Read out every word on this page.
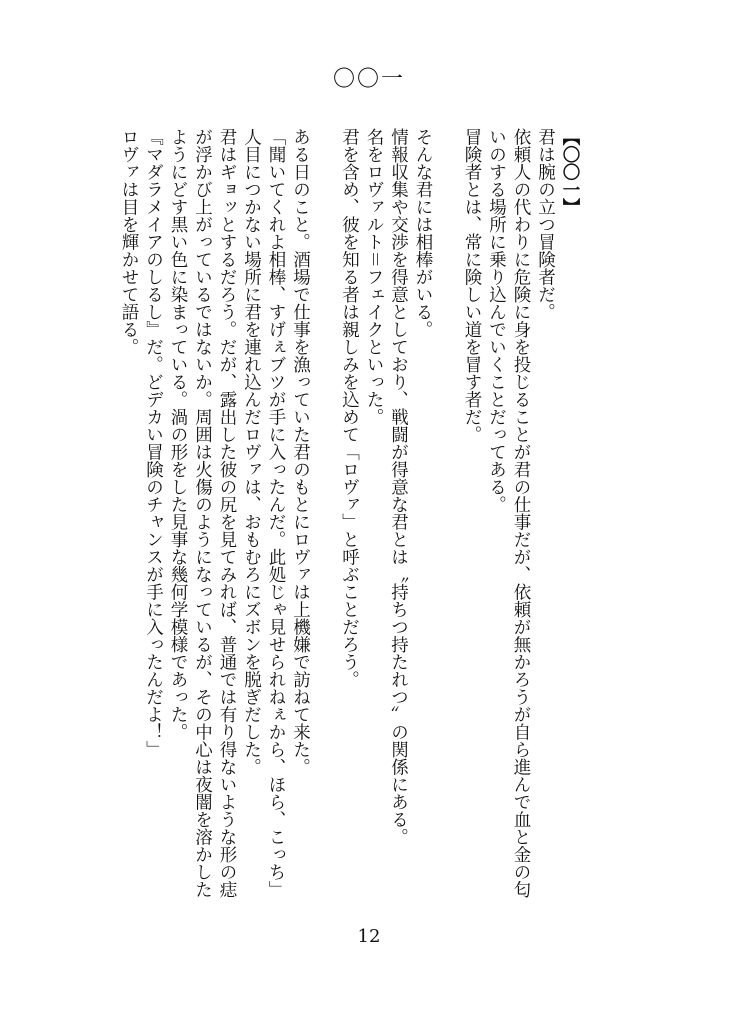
〇〇一

【〇〇一】

君は腕の立つ冒険者だ。

依頼人の代わりに危険に身を投じることが君の仕事だが、依頼が無かろうが自ら進んで血と金の匂いのする場所に乗り込んでいくことだってある。

冒険者とは、常に険しい道を冒す者だ。

そんな君には相棒がいる。

情報収集や交渉を得意としており、戦闘が得意な君とは〝持ちつ持たれつ〟の関係にある。

名をロヴァルト＝フェイクといった。

君を含め、彼を知る者は親しみを込めて「ロヴァ」と呼ぶことだろう。

ある日のこと。酒場で仕事を漁っていた君のもとにロヴァは上機嫌で訪ねて来た。

「聞いてくれよ相棒、すげぇブツが手に入ったんだ。此処じゃ見せられねぇから、ほら、こっち」

人目につかない場所に君を連れ込んだロヴァは、おもむろにズボンを脱ぎだした。

君はギョッとするだろう。だが、露出した彼の尻を見てみれば、普通では有り得ないような形の痣が浮かび上がっているではないか。周囲は火傷のようになっているが、その中心は夜闇を溶かしたようにどす黒い色に染まっている。渦の形をした見事な幾何学模様であった。

『マダラメイアのしるし』だ。どデカい冒険のチャンスが手に入ったんだよ！」

ロヴァは目を輝かせて語る。

12
